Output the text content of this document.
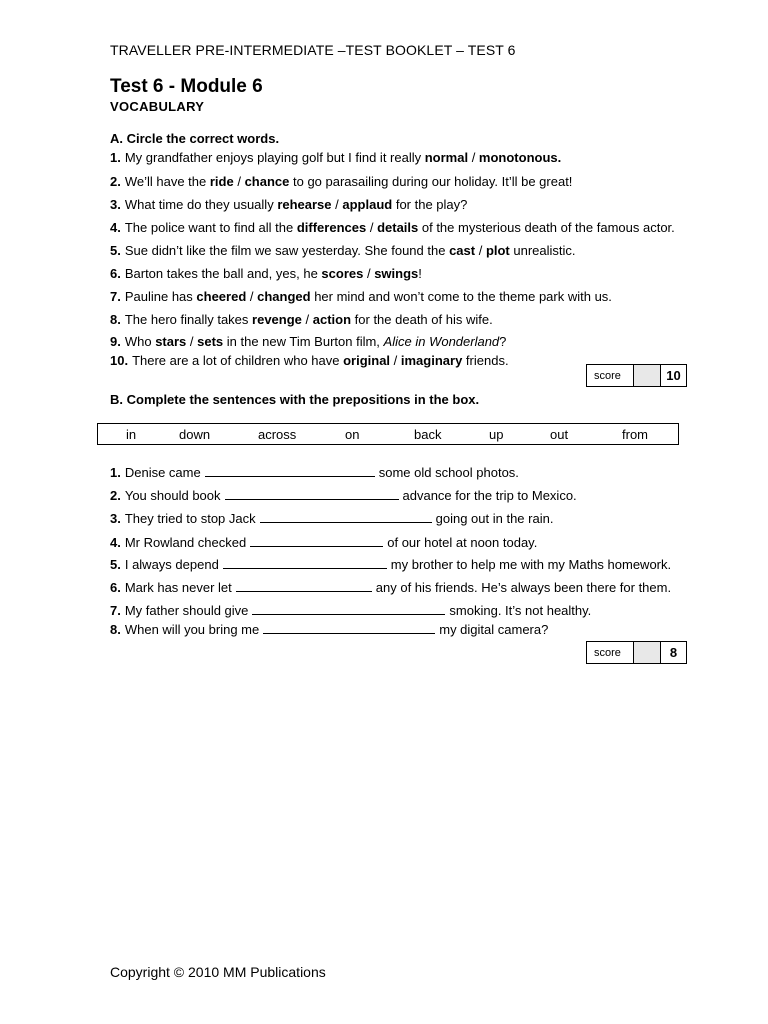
TRAVELLER PRE-INTERMEDIATE –TEST BOOKLET – TEST 6
Test 6 - Module 6
VOCABULARY
A. Circle the correct words.
1. My grandfather enjoys playing golf but I find it really normal / monotonous.
2. We’ll have the ride / chance to go parasailing during our holiday. It’ll be great!
3. What time do they usually rehearse / applaud for the play?
4. The police want to find all the differences / details of the mysterious death of the famous actor.
5. Sue didn’t like the film we saw yesterday. She found the cast / plot unrealistic.
6. Barton takes the ball and, yes, he scores / swings!
7. Pauline has cheered / changed her mind and won’t come to the theme park with us.
8. The hero finally takes revenge / action for the death of his wife.
9. Who stars / sets in the new Tim Burton film, Alice in Wonderland?
10. There are a lot of children who have original / imaginary friends.
score	10
B. Complete the sentences with the prepositions in the box.
in	down	across	on	back	up	out	from
1. Denise came	some old school photos.
2. You should book	advance for the trip to Mexico.
3. They tried to stop Jack	going out in the rain.
4. Mr Rowland checked	of our hotel at noon today.
5. I always depend	my brother to help me with my Maths homework.
6. Mark has never let	any of his friends. He’s always been there for them.
7. My father should give	smoking. It’s not healthy.
8. When will you bring me	my digital camera?
score	8
Copyright © 2010 MM Publications
